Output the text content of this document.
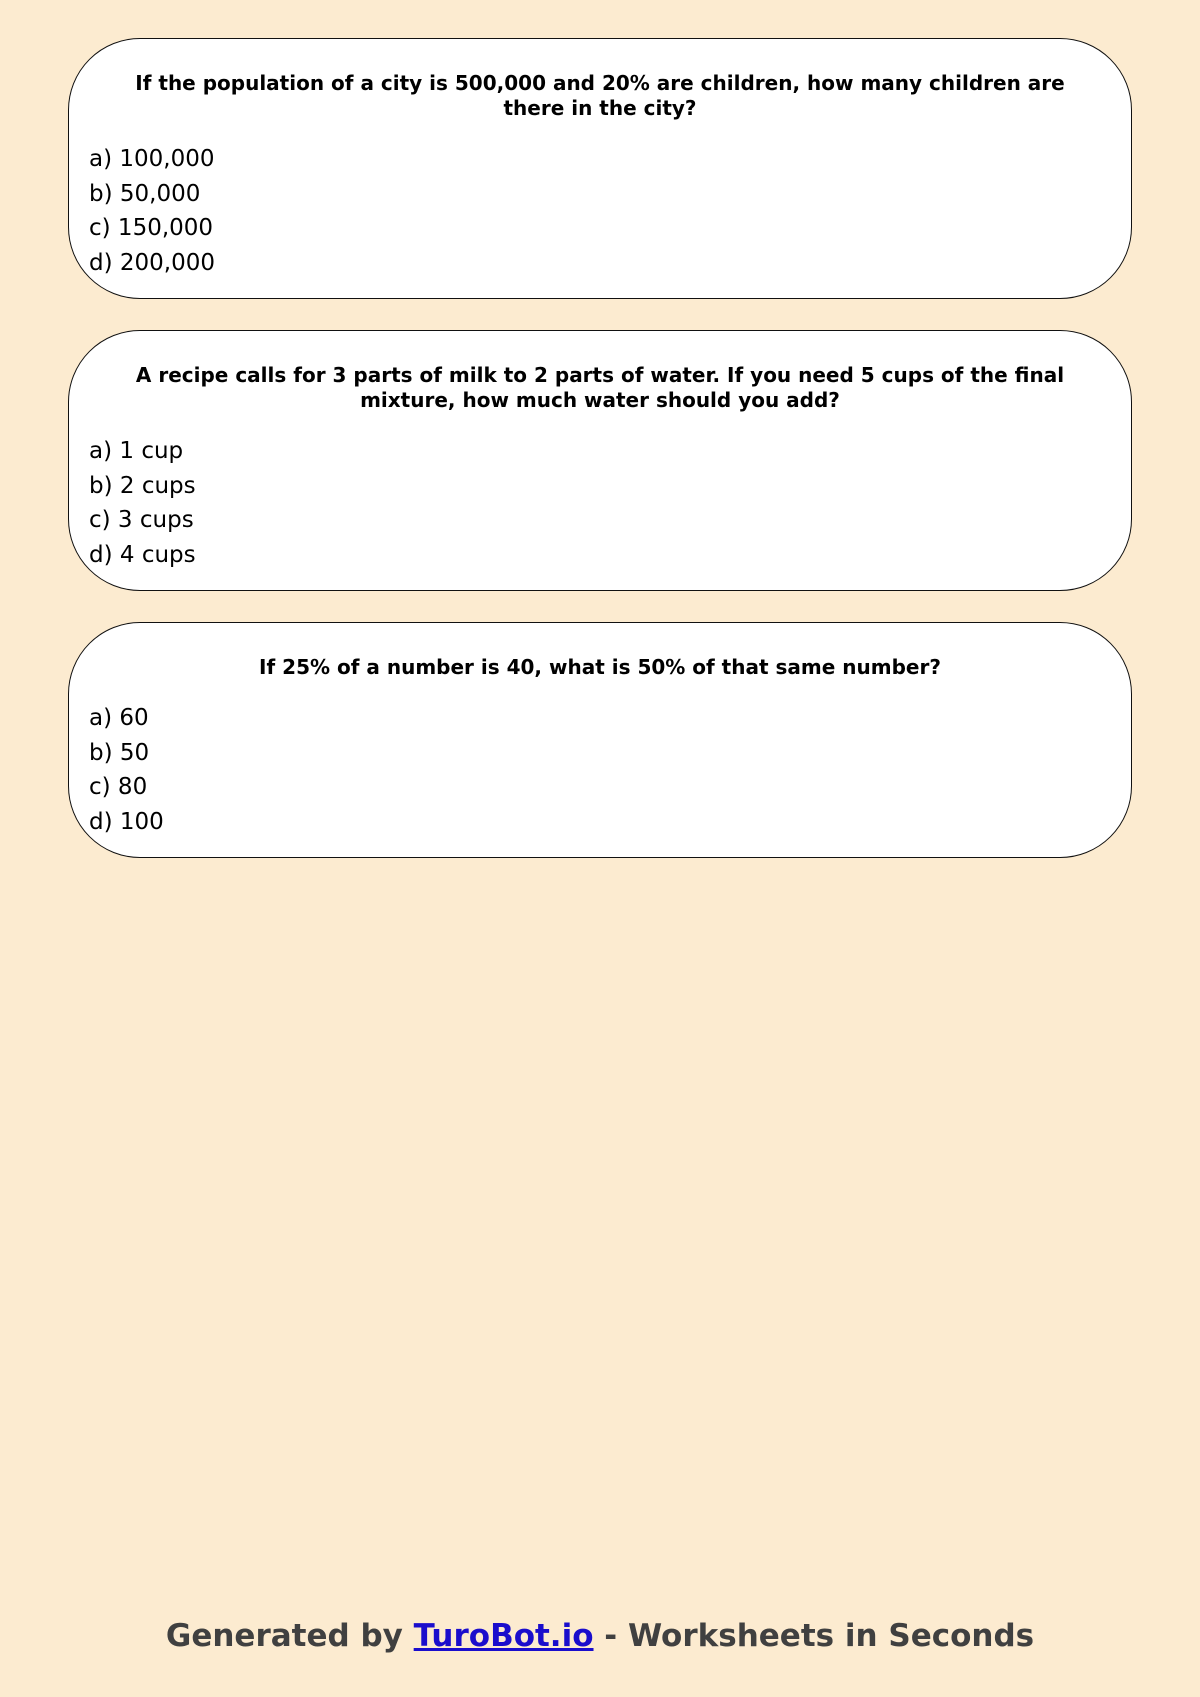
If the population of a city is 500,000 and 20% are children, how many children are there in the city?
a) 100,000
b) 50,000
c) 150,000
d) 200,000
A recipe calls for 3 parts of milk to 2 parts of water. If you need 5 cups of the final mixture, how much water should you add?
a) 1 cup
b) 2 cups
c) 3 cups
d) 4 cups
If 25% of a number is 40, what is 50% of that same number?
a) 60
b) 50
c) 80
d) 100
Generated by TuroBot.io - Worksheets in Seconds
